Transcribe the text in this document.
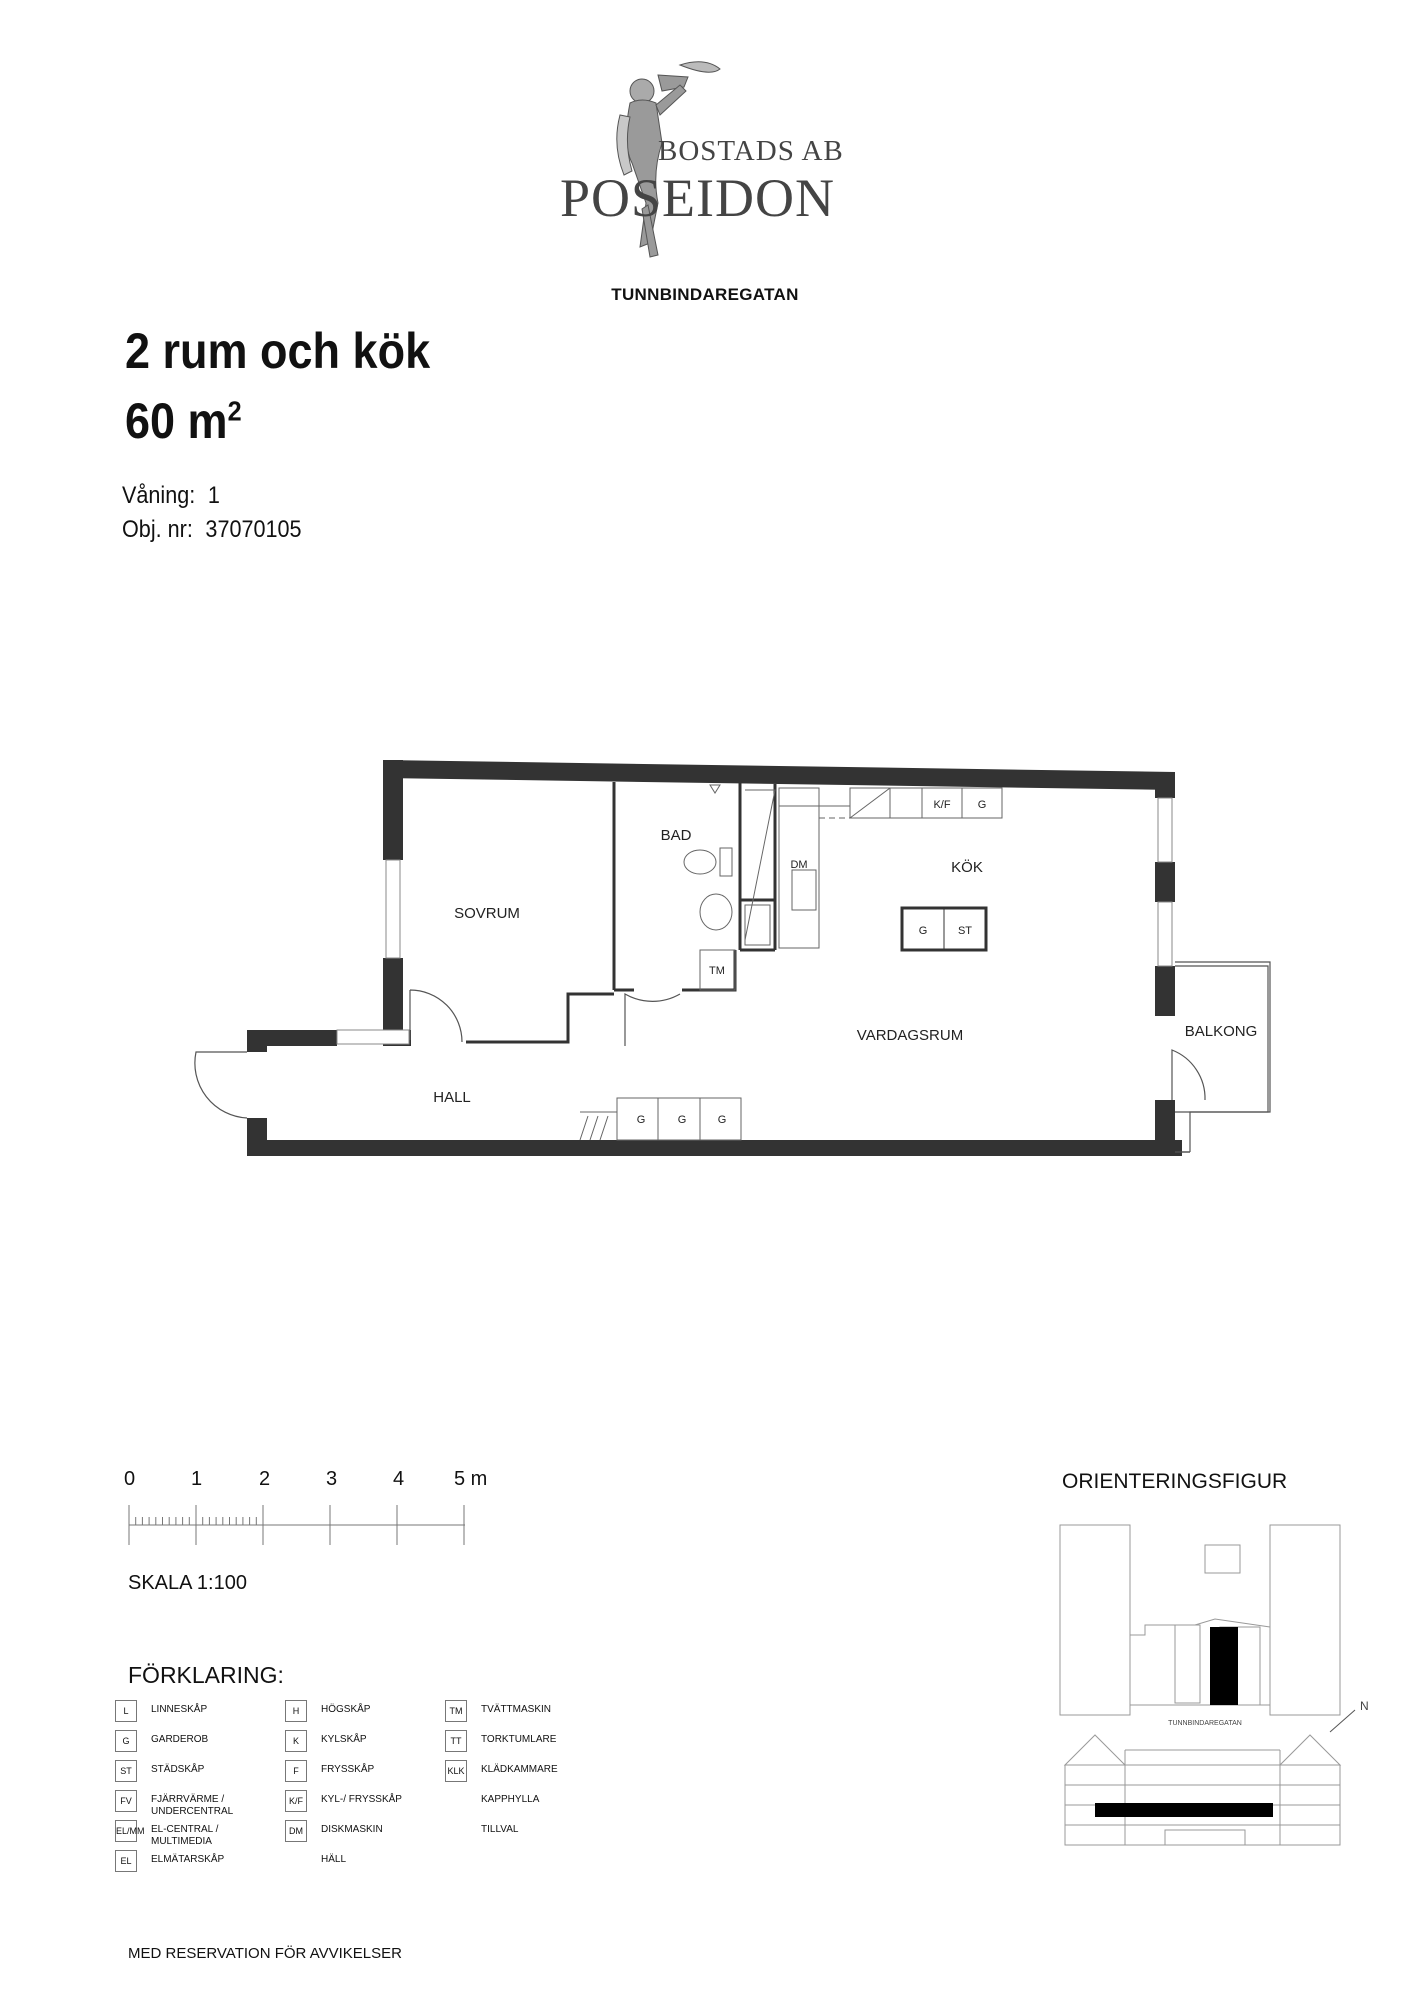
BOSTADS AB
POSEIDON
TUNNBINDAREGATAN
2 rum och kök
60 $m^2$
Våning: 1
Obj. nr: 37070105
SOVRUM
BAD
KÖK
VARDAGSRUM	BALKONG
HALL
K/F G
DM
G	ST
TM
G	G	G
0	1	2	3	4 5 m
SKALA 1:100
ORIENTERINGSFIGUR
TUNNBINDAREGATAN
N
FÖRKLARING:
L	LINNESKÅP
G	GARDEROB
ST	STÄDSKÅP
FV	FJÄRRVÄRME / UNDERCENTRAL
EL/MM EL-CENTRAL / MULTIMEDIA
EL	ELMÄTARSKÅP
H	HÖGSKÅP
K	KYLSKÅP
F	FRYSSKÅP
K/F	KYL-/ FRYSSKÅP
DM	DISKMASKIN
HÄLL
TM	TVÄTTMASKIN
TT	TORKTUMLARE
KLK KLÄDKAMMARE
KAPPHYLLA
TILLVAL
MED RESERVATION FÖR AVVIKELSER
